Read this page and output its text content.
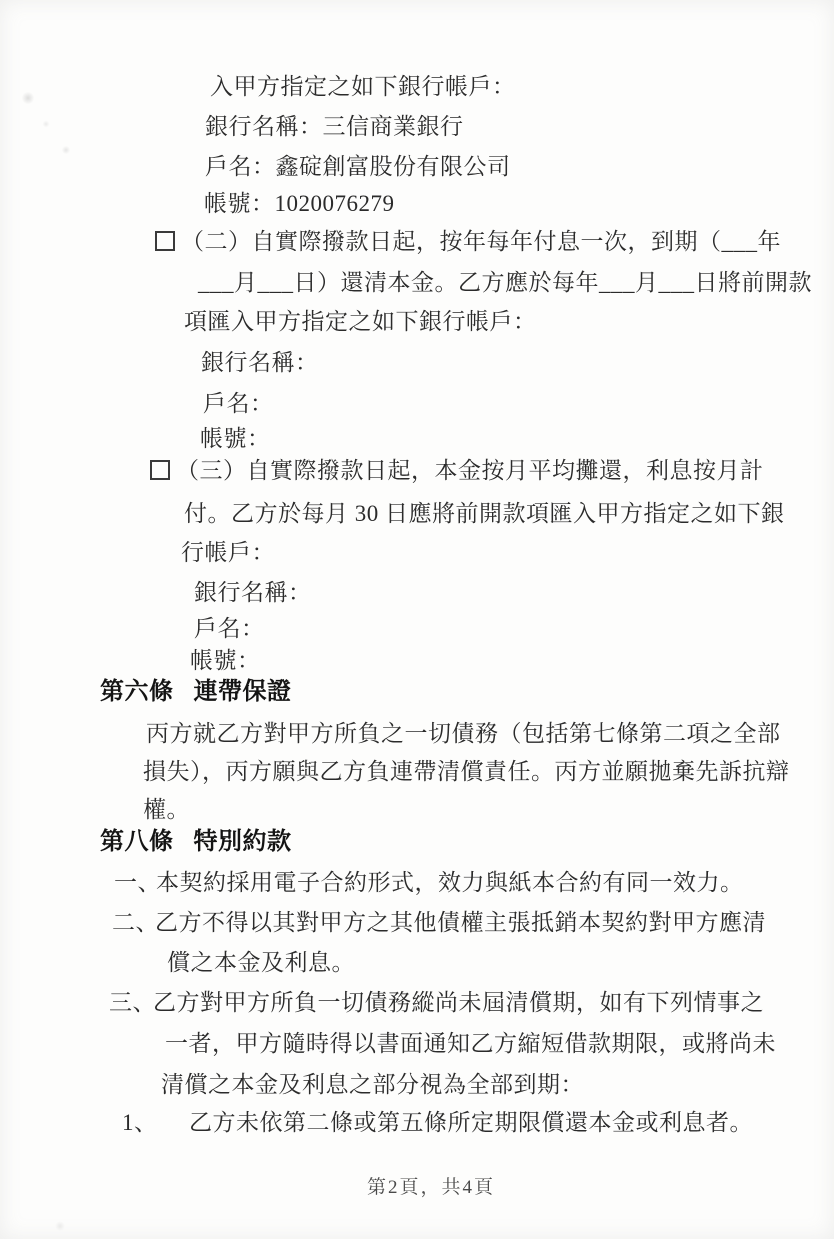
入甲方指定之如下銀行帳戶：
銀行名稱：三信商業銀行
戶名：鑫碇創富股份有限公司
帳號：1020076279
（二）自實際撥款日起，按年每年付息一次，到期（___年
___月___日）還清本金。乙方應於每年___月___日將前開款
項匯入甲方指定之如下銀行帳戶：
銀行名稱：
戶名：
帳號：
（三）自實際撥款日起，本金按月平均攤還，利息按月計
付。乙方於每月 30 日應將前開款項匯入甲方指定之如下銀
行帳戶：
銀行名稱：
戶名：
帳號：
第六條 連帶保證
丙方就乙方對甲方所負之一切債務（包括第七條第二項之全部
損失），丙方願與乙方負連帶清償責任。丙方並願拋棄先訴抗辯
權。
第八條 特別約款
一、
本契約採用電子合約形式，效力與紙本合約有同一效力。
二、
乙方不得以其對甲方之其他債權主張抵銷本契約對甲方應清
償之本金及利息。
三、
乙方對甲方所負一切債務縱尚未屆清償期，如有下列情事之
一者，甲方隨時得以書面通知乙方縮短借款期限，或將尚未
清償之本金及利息之部分視為全部到期：
1、 乙方未依第二條或第五條所定期限償還本金或利息者。
第2頁，共4頁
